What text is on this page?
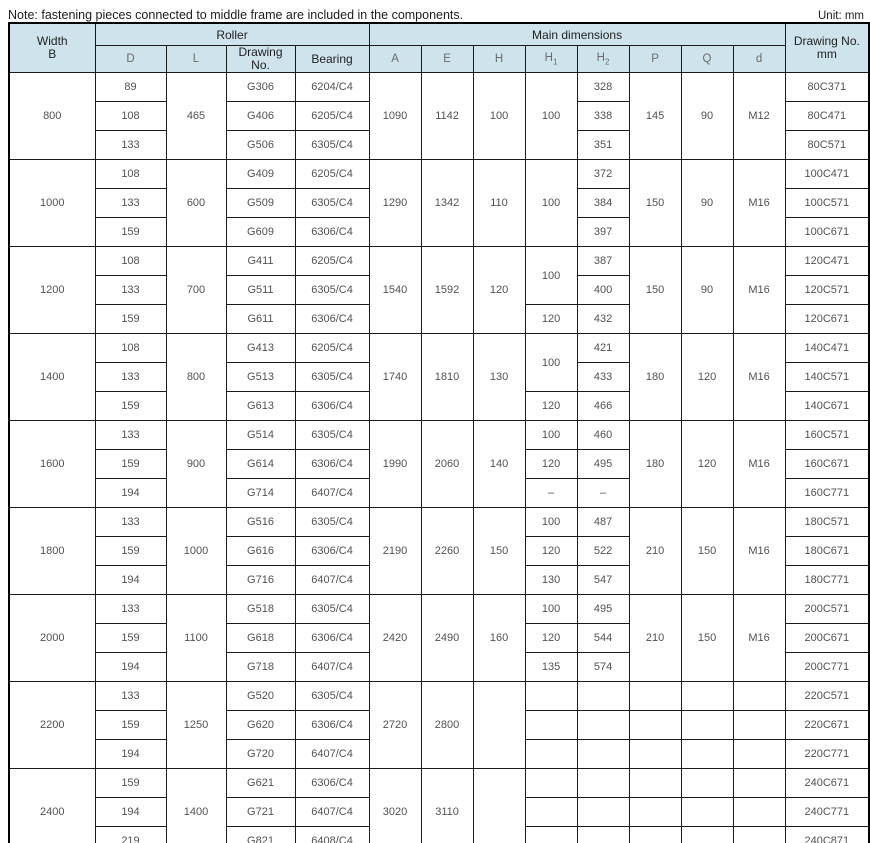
Note: fastening pieces connected to middle frame are included in the components.	Unit: mm
Width
B
	Roller	Main dimensions	Drawing No.
mm

	D	L	Drawing
No.	Bearing	A	E	H	$H_1$	$H_2$	P	Q	d	
800	89	465	G306	6204/C4	1090	1142	100	100	328	145	90	M12	80C371
	108		G406	6205/C4					338				80C471
	133		G506	6305/C4					351				80C571
1000	108	600	G409	6205/C4	1290	1342	110	100	372	150	90	M16	100C471
	133		G509	6305/C4					384				100C571
	159		G609	6306/C4					397				100C671
1200	108	700	G411	6205/C4	1540	1592	120	100	387	150	90	M16	120C471
	133		G511	6305/C4					400				120C571
	159		G611	6306/C4				120	432				120C671
1400	108	800	G413	6205/C4	1740	1810	130	100	421	180	120	M16	140C471
	133		G513	6305/C4					433				140C571
	159		G613	6306/C4				120	466				140C671
1600	133	900	G514	6305/C4	1990	2060	140	100	460	180	120	M16	160C571
	159		G614	6306/C4				120	495				160C671
	194		G714	6407/C4				–	–				160C771
1800	133	1000	G516	6305/C4	2190	2260	150	100	487	210	150	M16	180C571
	159		G616	6306/C4				120	522				180C671
	194		G716	6407/C4				130	547				180C771
2000	133	1100	G518	6305/C4	2420	2490	160	100	495	210	150	M16	200C571
	159		G618	6306/C4				120	544				200C671
	194		G718	6407/C4				135	574				200C771
2200	133	1250	G520	6305/C4	2720	2800							220C571
	159		G620	6306/C4									220C671
	194		G720	6407/C4									220C771
2400	159	1400	G621	6306/C4	3020	3110							240C671
	194		G721	6407/C4									240C771
	219		G821	6408/C4									240C871
